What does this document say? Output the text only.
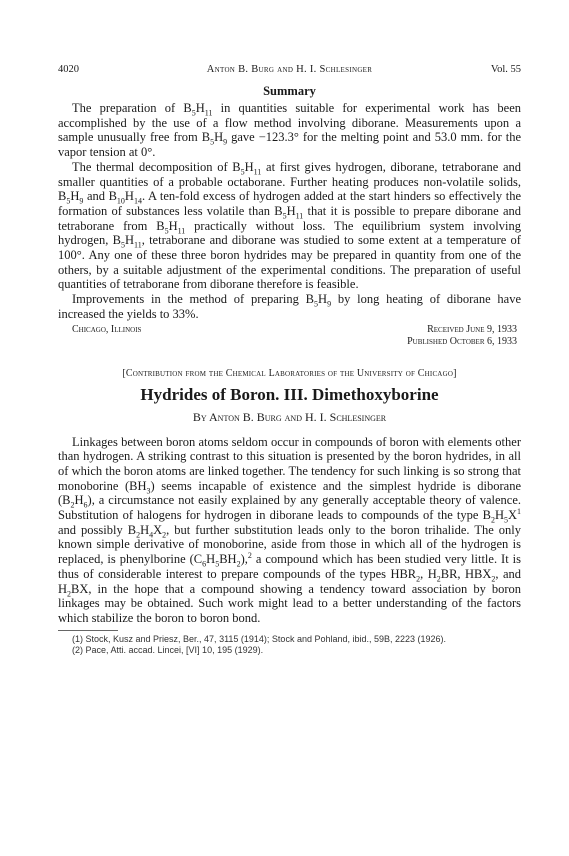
4020	Anton B. Burg and H. I. Schlesinger	Vol. 55
Summary

The preparation of $B_5H_{11}$ in quantities suitable for experimental work has been accomplished by the use of a flow method involving diborane. Measurements upon a sample unusually free from $B_5H_9$ gave −123.3° for the melting point and 53.0 mm. for the vapor tension at 0°.

The thermal decomposition of $B_5H_{11}$ at first gives hydrogen, diborane, tetraborane and smaller quantities of a probable octaborane. Further heating produces non-volatile solids, $B_5H_9$ and $B_{10}H_{14}$. A ten-fold excess of hydrogen added at the start hinders so effectively the formation of substances less volatile than $B_5H_{11}$ that it is possible to prepare diborane and tetraborane from $B_5H_{11}$ practically without loss. The equilibrium system involving hydrogen, $B_5H_{11}$, tetraborane and diborane was studied to some extent at a temperature of 100°. Any one of these three boron hydrides may be prepared in quantity from one of the others, by a suitable adjustment of the experimental conditions. The preparation of useful quantities of tetraborane from diborane therefore is feasible.

Improvements in the method of preparing $B_5H_9$ by long heating of diborane have increased the yields to 33%.

Chicago, Illinois	Received June 9, 1933
Published October 6, 1933
[Contribution from the Chemical Laboratories of the University of Chicago]
Hydrides of Boron. III. Dimethoxyborine
By Anton B. Burg and H. I. Schlesinger

Linkages between boron atoms seldom occur in compounds of boron with elements other than hydrogen. A striking contrast to this situation is presented by the boron hydrides, in all of which the boron atoms are linked together. The tendency for such linking is so strong that monoborine $(BH_3)$ seems incapable of existence and the simplest hydride is diborane $(B_2H_6)$, a circumstance not easily explained by any generally acceptable theory of valence. Substitution of halogens for hydrogen in diborane leads to compounds of the type $B_2H_5X^1$ and possibly $B_2H_4X_2$, but further substitution leads only to the boron trihalide. The only known simple derivative of monoborine, aside from those in which all of the hydrogen is replaced, is phenylborine $(C_6H_5BH_2),^2$ a compound which has been studied very little. It is thus of considerable interest to prepare compounds of the types $HBR_2$, $H_2BR$, $HBX_2$, and $H_2BX$, in the hope that a compound showing a tendency toward association by boron linkages may be obtained. Such work might lead to a better understanding of the factors which stabilize the boron to boron bond.

(1) Stock, Kusz and Priesz, Ber., 47, 3115 (1914); Stock and Pohland, ibid., 59B, 2223 (1926).

(2) Pace, Atti. accad. Lincei, [VI] 10, 195 (1929).
